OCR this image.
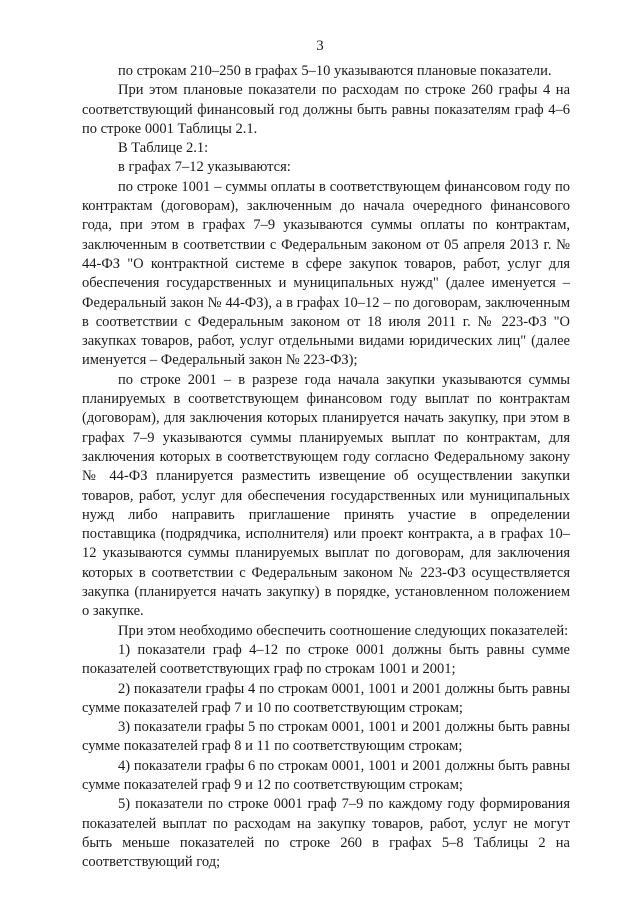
3

по строкам 210–250 в графах 5–10 указываются плановые показатели.

При этом плановые показатели по расходам по строке 260 графы 4 на соответствующий финансовый год должны быть равны показателям граф 4–6 по строке 0001 Таблицы 2.1.

В Таблице 2.1:

в графах 7–12 указываются:

по строке 1001 – суммы оплаты в соответствующем финансовом году по контрактам (договорам), заключенным до начала очередного финансового года, при этом в графах 7–9 указываются суммы оплаты по контрактам, заключенным в соответствии с Федеральным законом от 05 апреля 2013 г. № 44-ФЗ "О контрактной системе в сфере закупок товаров, работ, услуг для обеспечения государственных и муниципальных нужд" (далее именуется – Федеральный закон № 44-ФЗ), а в графах 10–12 – по договорам, заключенным в соответствии с Федеральным законом от 18 июля 2011 г. № 223-ФЗ "О закупках товаров, работ, услуг отдельными видами юридических лиц" (далее именуется – Федеральный закон № 223-ФЗ);

по строке 2001 – в разрезе года начала закупки указываются суммы планируемых в соответствующем финансовом году выплат по контрактам (договорам), для заключения которых планируется начать закупку, при этом в графах 7–9 указываются суммы планируемых выплат по контрактам, для заключения которых в соответствующем году согласно Федеральному закону № 44-ФЗ планируется разместить извещение об осуществлении закупки товаров, работ, услуг для обеспечения государственных или муниципальных нужд либо направить приглашение принять участие в определении поставщика (подрядчика, исполнителя) или проект контракта, а в графах 10–12 указываются суммы планируемых выплат по договорам, для заключения которых в соответствии с Федеральным законом № 223-ФЗ осуществляется закупка (планируется начать закупку) в порядке, установленном положением о закупке.

При этом необходимо обеспечить соотношение следующих показателей:

1) показатели граф 4–12 по строке 0001 должны быть равны сумме показателей соответствующих граф по строкам 1001 и 2001;

2) показатели графы 4 по строкам 0001, 1001 и 2001 должны быть равны сумме показателей граф 7 и 10 по соответствующим строкам;

3) показатели графы 5 по строкам 0001, 1001 и 2001 должны быть равны сумме показателей граф 8 и 11 по соответствующим строкам;

4) показатели графы 6 по строкам 0001, 1001 и 2001 должны быть равны сумме показателей граф 9 и 12 по соответствующим строкам;

5) показатели по строке 0001 граф 7–9 по каждому году формирования показателей выплат по расходам на закупку товаров, работ, услуг не могут быть меньше показателей по строке 260 в графах 5–8 Таблицы 2 на соответствующий год;
